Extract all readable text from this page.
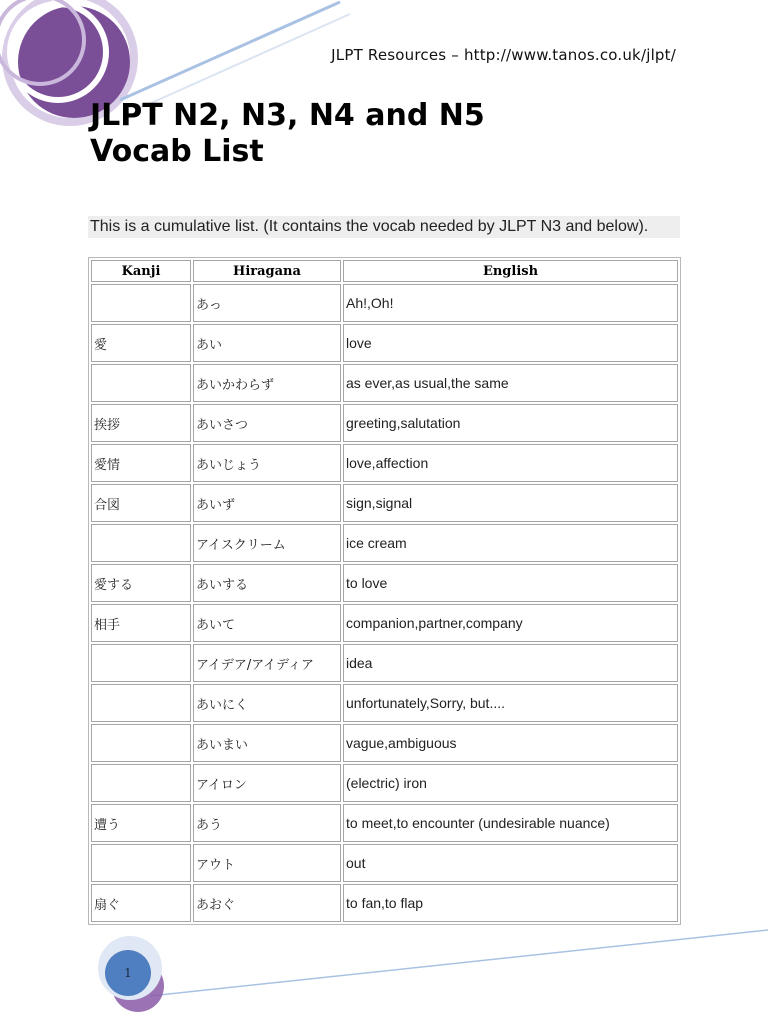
JLPT Resources – http://www.tanos.co.uk/jlpt/
JLPT N2, N3, N4 and N5
Vocab List
This is a cumulative list. (It contains the vocab needed by JLPT N3 and below).
Kanji	Hiragana	English
	あっ	Ah!,Oh!
愛	あい	love
	あいかわらず	as ever,as usual,the same
挨拶	あいさつ	greeting,salutation
愛情	あいじょう	love,affection
合図	あいず	sign,signal
	アイスクリーム	ice cream
愛する	あいする	to love
相手	あいて	companion,partner,company
	アイデア/アイディア	idea
	あいにく	unfortunately,Sorry, but....
	あいまい	vague,ambiguous
	アイロン	(electric) iron
遭う	あう	to meet,to encounter (undesirable nuance)
	アウト	out
扇ぐ	あおぐ	to fan,to flap
1
